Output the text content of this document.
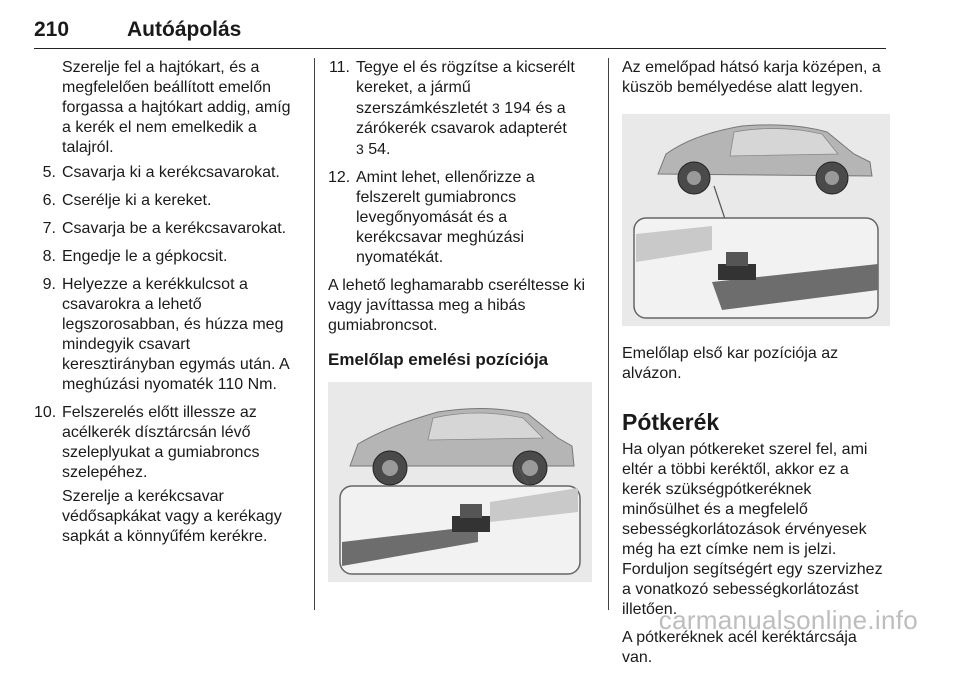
210	Autóápolás

Szerelje fel a hajtókart, és a megfelelően beállított emelőn forgassa a hajtókart addig, amíg a kerék el nem emelkedik a talajról.

5. Csavarja ki a kerékcsavarokat.
6. Cserélje ki a kereket.
7. Csavarja be a kerékcsavarokat.
8. Engedje le a gépkocsit.
9. Helyezze a kerékkulcsot a csavarokra a lehető legszorosabban, és húzza meg mindegyik csavart keresztirányban egymás után. A meghúzási nyomaték 110 Nm.
10. Felszerelés előtt illessze az acélkerék dísztárcsán lévő szeleplyukat a gumiabroncs szelepéhez.

Szerelje a kerékcsavar védősapkákat vagy a kerékagy sapkát a könnyűfém kerékre.

11. Tegye el és rögzítse a kicserélt kereket, a jármű szerszámkészletét 3 194 és a zárókerék csavarok adapterét
3 54.
12. Amint lehet, ellenőrizze a felszerelt gumiabroncs levegőnyomását és a kerékcsavar meghúzási nyomatékát.

A lehető leghamarabb cseréltesse ki vagy javíttassa meg a hibás gumiabroncsot.

Emelőlap emelési pozíciója

Az emelőpad hátsó karja középen, a küszöb bemélyedése alatt legyen.

Emelőlap első kar pozíciója az alvázon.

Pótkerék

Ha olyan pótkereket szerel fel, ami eltér a többi keréktől, akkor ez a kerék szükségpótkeréknek minősülhet és a megfelelő sebességkorlátozások érvényesek még ha ezt címke nem is jelzi. Forduljon segítségért egy szervizhez a vonatkozó sebességkorlátozást illetően.

A pótkeréknek acél keréktárcsája van.

carmanualsonline.info
